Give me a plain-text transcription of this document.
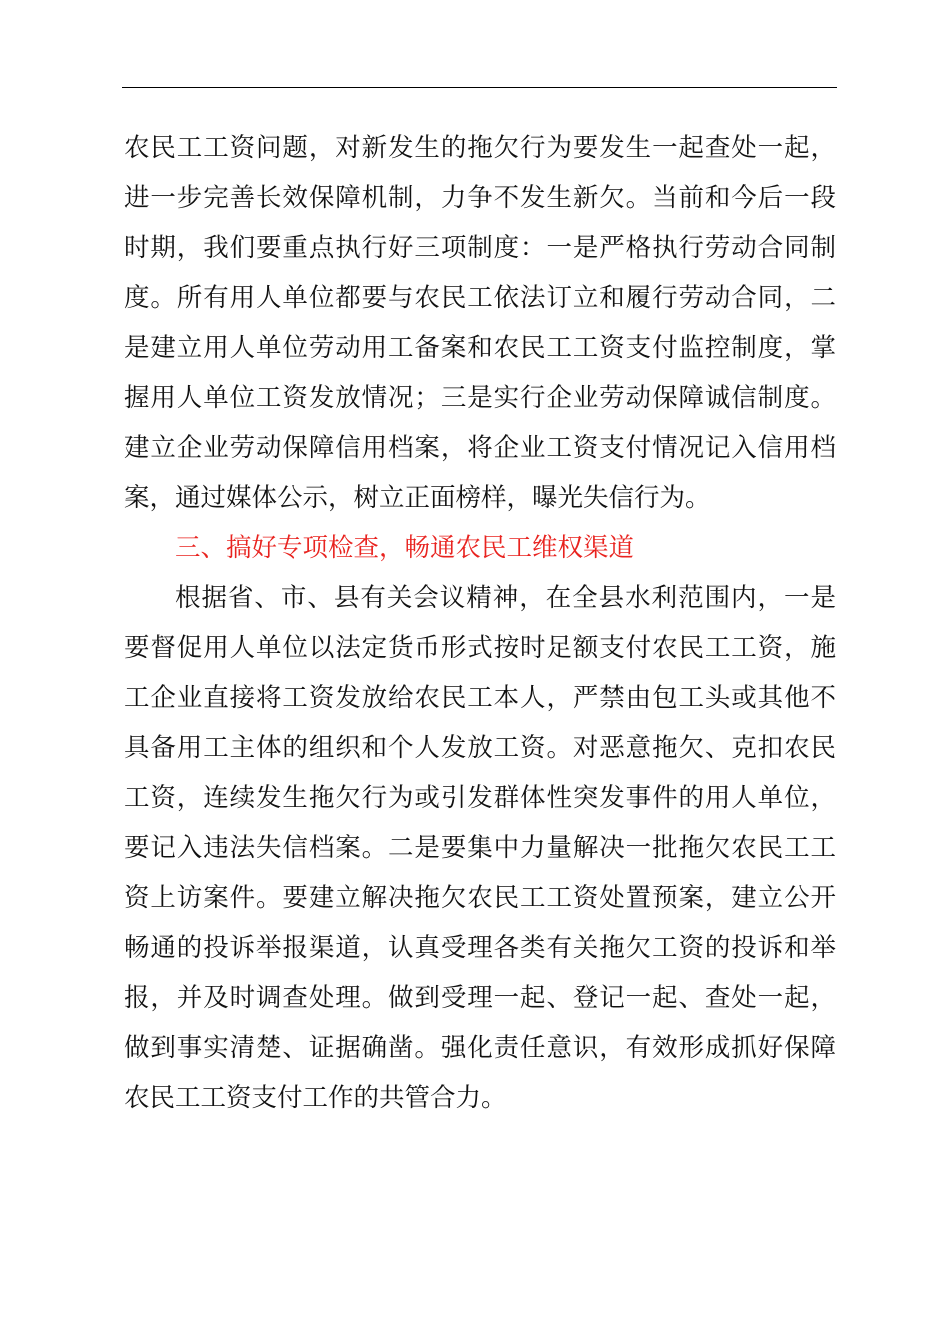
农民工工资问题，对新发生的拖欠行为要发生一起查处一起，
进一步完善长效保障机制，力争不发生新欠。当前和今后一段
时期，我们要重点执行好三项制度：一是严格执行劳动合同制
度。所有用人单位都要与农民工依法订立和履行劳动合同，二
是建立用人单位劳动用工备案和农民工工资支付监控制度，掌
握用人单位工资发放情况；三是实行企业劳动保障诚信制度。
建立企业劳动保障信用档案，将企业工资支付情况记入信用档
案，通过媒体公示，树立正面榜样，曝光失信行为。
三、搞好专项检查，畅通农民工维权渠道
根据省、市、县有关会议精神，在全县水利范围内，一是
要督促用人单位以法定货币形式按时足额支付农民工工资，施
工企业直接将工资发放给农民工本人，严禁由包工头或其他不
具备用工主体的组织和个人发放工资。对恶意拖欠、克扣农民
工资，连续发生拖欠行为或引发群体性突发事件的用人单位，
要记入违法失信档案。二是要集中力量解决一批拖欠农民工工
资上访案件。要建立解决拖欠农民工工资处置预案，建立公开
畅通的投诉举报渠道，认真受理各类有关拖欠工资的投诉和举
报，并及时调查处理。做到受理一起、登记一起、查处一起，
做到事实清楚、证据确凿。强化责任意识，有效形成抓好保障
农民工工资支付工作的共管合力。
